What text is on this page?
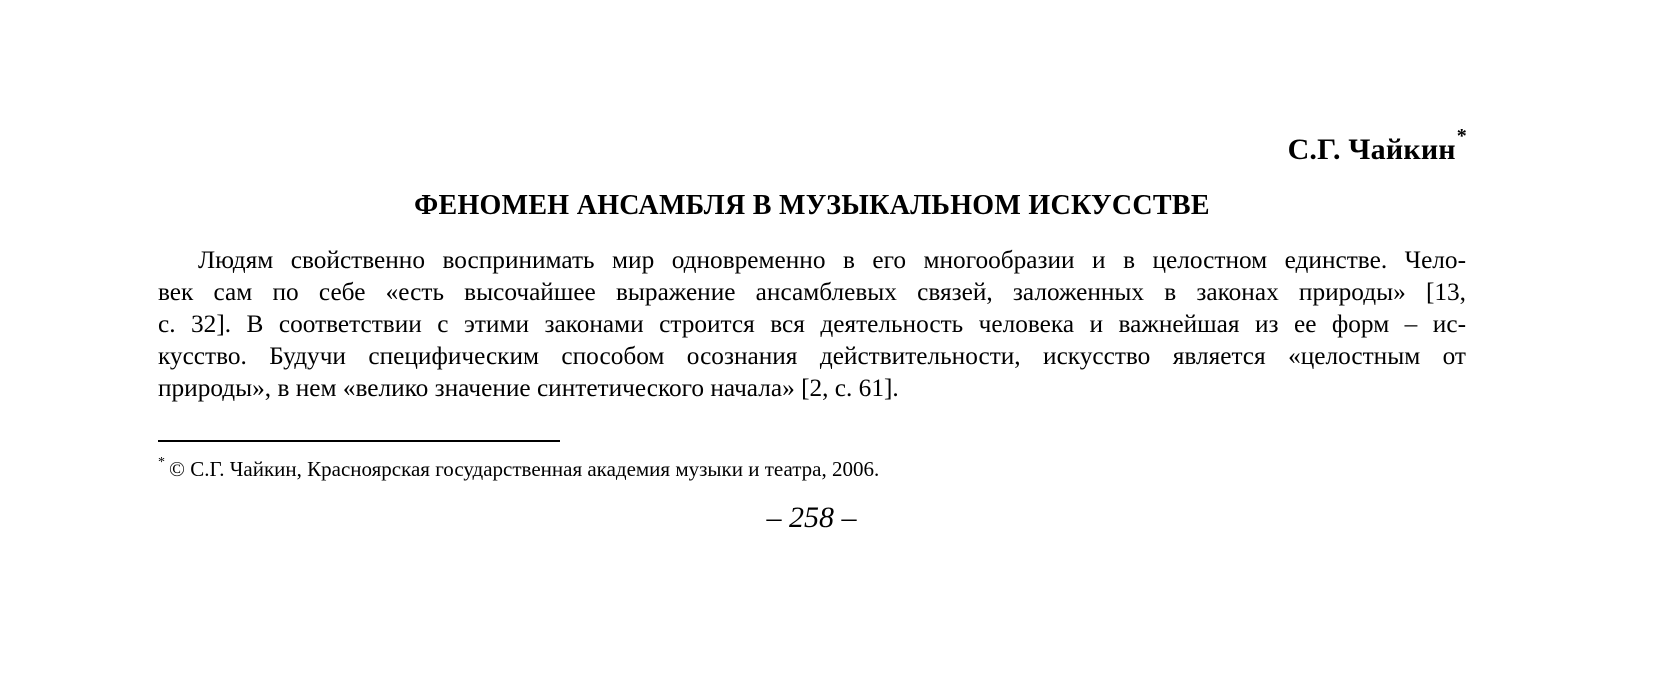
С.Г. Чайкин*
ФЕНОМЕН АНСАМБЛЯ В МУЗЫКАЛЬНОМ ИСКУССТВЕ
Людям свойственно воспринимать мир одновременно в его многообразии и в целостном единстве. Чело-
век сам по себе «есть высочайшее выражение ансамблевых связей, заложенных в законах природы» [13,
с. 32]. В соответствии с этими законами строится вся деятельность человека и важнейшая из ее форм – ис-
кусство. Будучи специфическим способом осознания действительности, искусство является «целостным от
природы», в нем «велико значение синтетического начала» [2, с. 61].
* © С.Г. Чайкин, Красноярская государственная академия музыки и театра, 2006.
– 258 –
